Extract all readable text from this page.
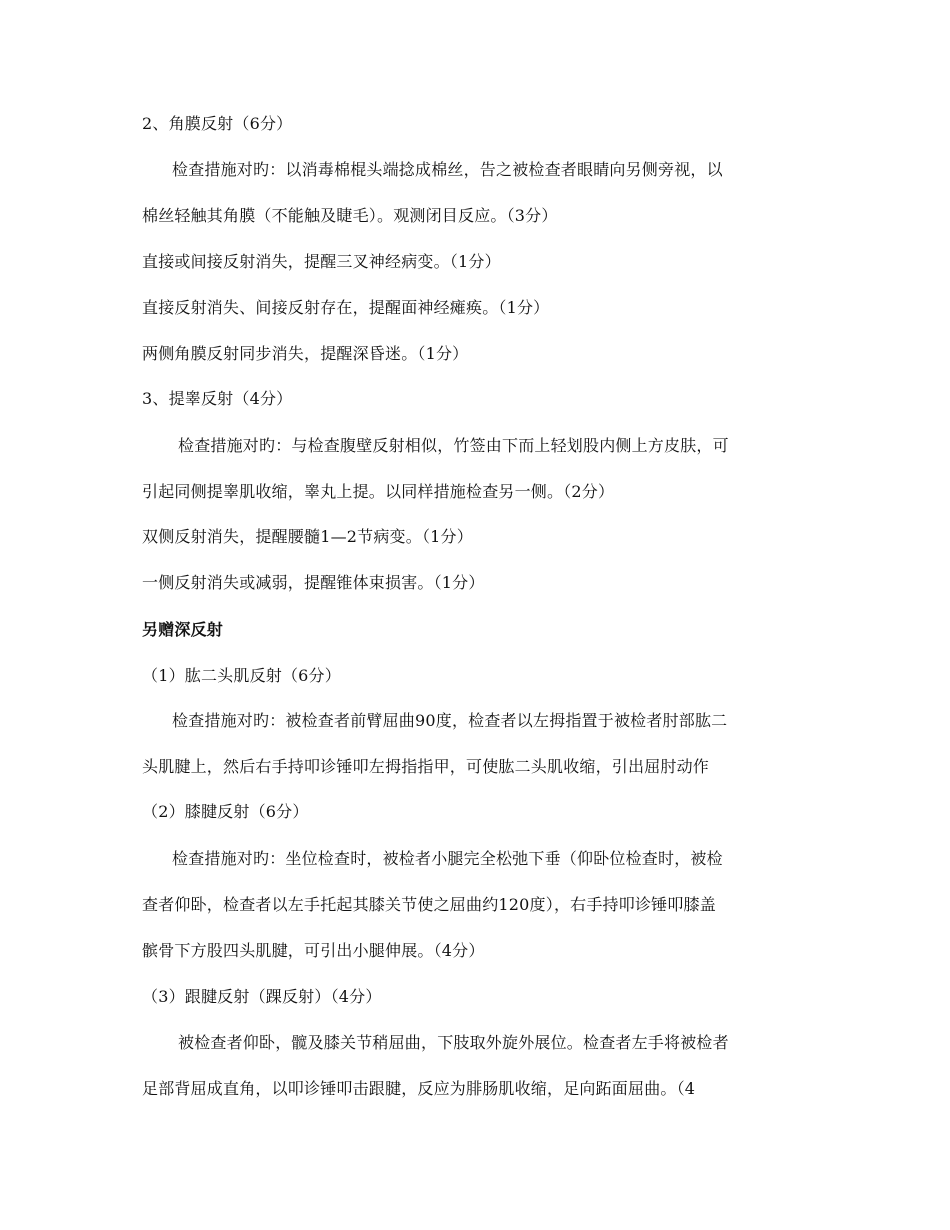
2、角膜反射（6分）

检查措施对旳：以消毒棉棍头端捻成棉丝，告之被检查者眼睛向另侧旁视，以

棉丝轻触其角膜（不能触及睫毛）。观测闭目反应。（3分）

直接或间接反射消失，提醒三叉神经病变。（1分）

直接反射消失、间接反射存在，提醒面神经瘫痪。（1分）

两侧角膜反射同步消失，提醒深昏迷。（1分）

3、提睾反射（4分）

检查措施对旳：与检查腹壁反射相似，竹签由下而上轻划股内侧上方皮肤，可

引起同侧提睾肌收缩，睾丸上提。以同样措施检查另一侧。（2分）

双侧反射消失，提醒腰髓1—2节病变。（1分）

一侧反射消失或减弱，提醒锥体束损害。（1分）

另赠深反射

（1）肱二头肌反射（6分）

检查措施对旳：被检查者前臂屈曲90度，检查者以左拇指置于被检者肘部肱二

头肌腱上，然后右手持叩诊锤叩左拇指指甲，可使肱二头肌收缩，引出屈肘动作

（2）膝腱反射（6分）

检查措施对旳：坐位检查时，被检者小腿完全松弛下垂（仰卧位检查时，被检

查者仰卧，检查者以左手托起其膝关节使之屈曲约120度），右手持叩诊锤叩膝盖

髌骨下方股四头肌腱，可引出小腿伸展。（4分）

（3）跟腱反射（踝反射）（4分）

被检查者仰卧，髋及膝关节稍屈曲，下肢取外旋外展位。检查者左手将被检者

足部背屈成直角，以叩诊锤叩击跟腱，反应为腓肠肌收缩，足向跖面屈曲。（4
